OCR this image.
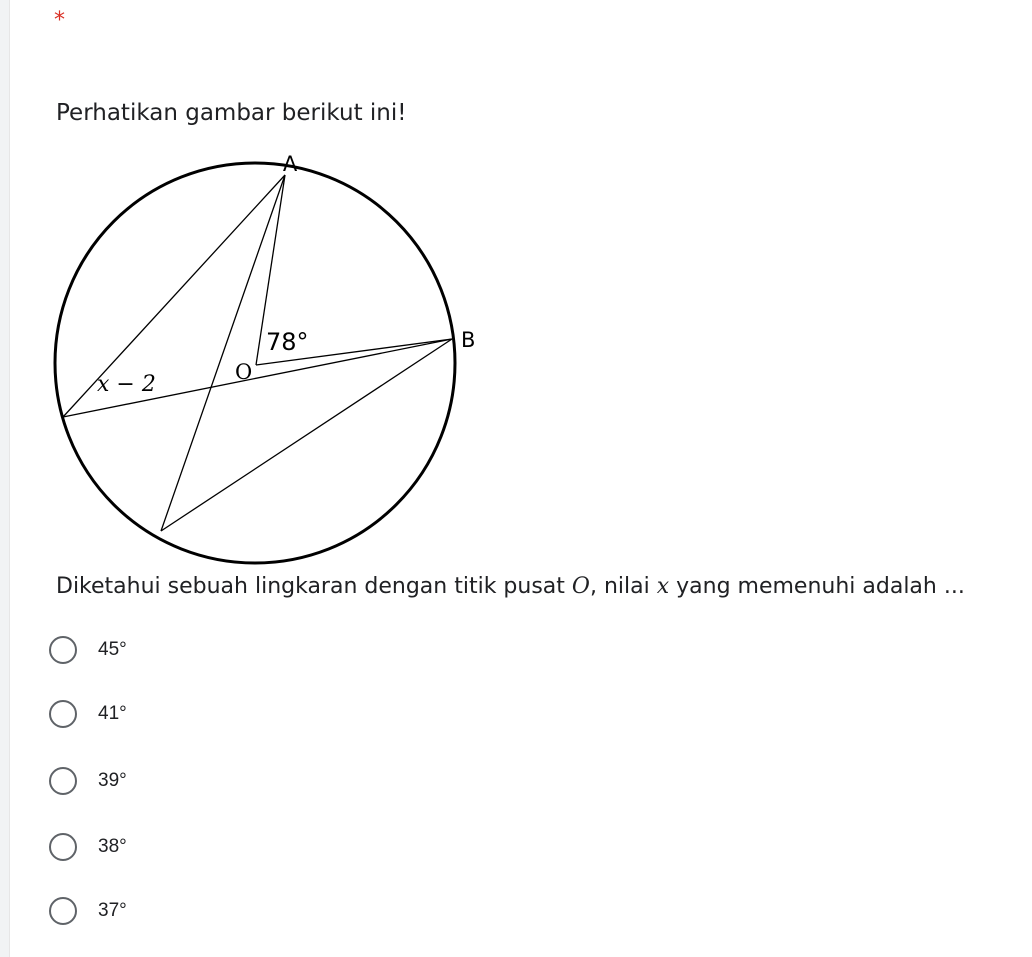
*
Perhatikan gambar berikut ini!
A
B
O
78°
x − 2
Diketahui sebuah lingkaran dengan titik pusat O, nilai x yang memenuhi adalah ...
45°
41°
39°
38°
37°
